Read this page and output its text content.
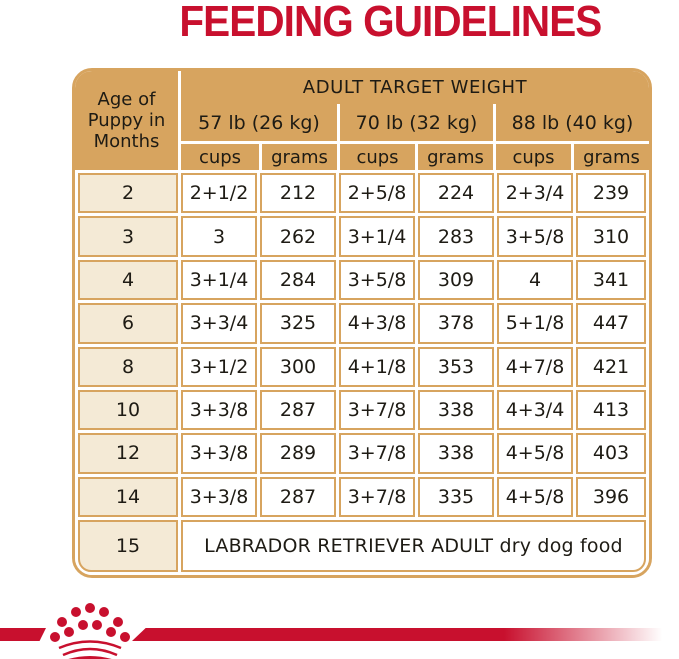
FEEDING GUIDELINES
Age of Puppy in Months
ADULT TARGET WEIGHT
57 lb (26 kg)	70 lb (32 kg)	88 lb (40 kg)
cups	grams	cups	grams	cups	grams
2	2+1/2	212	2+5/8	224	2+3/4	239
3	3	262	3+1/4	283	3+5/8	310
4	3+1/4	284	3+5/8	309	4	341
6	3+3/4	325	4+3/8	378	5+1/8	447
8	3+1/2	300	4+1/8	353	4+7/8	421
10	3+3/8	287	3+7/8	338	4+3/4	413
12	3+3/8	289	3+7/8	338	4+5/8	403
14	3+3/8	287	3+7/8	335	4+5/8	396
15	LABRADOR RETRIEVER ADULT dry dog food
